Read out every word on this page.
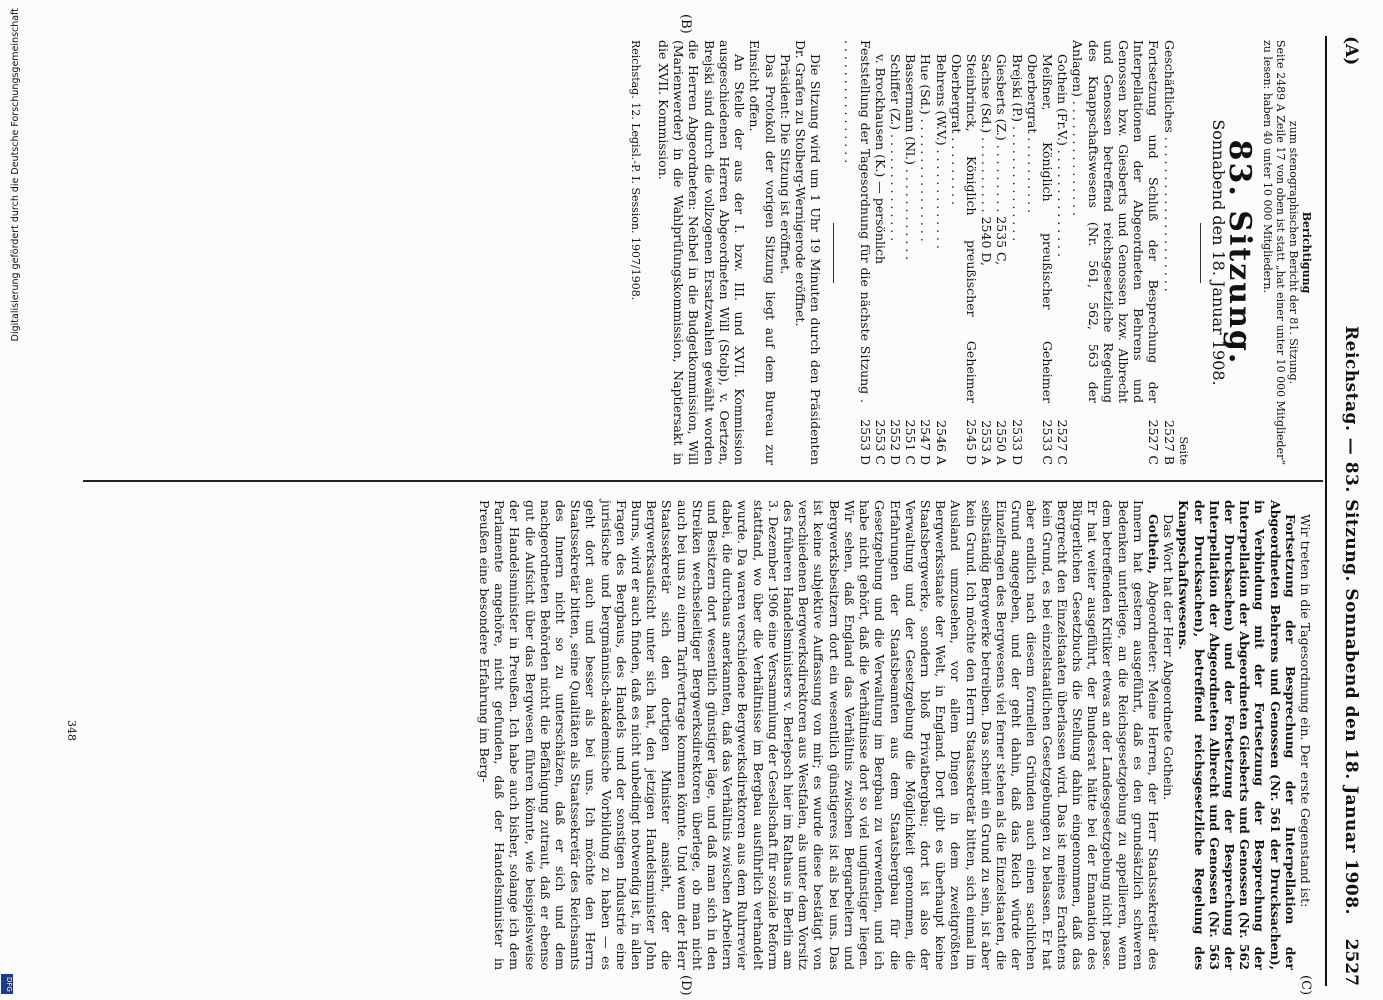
DFG
Digitalisierung gefördert durch die Deutsche Forschungsgemeinschaft	(A)
Reichstag. — 83. Sitzung. Sonnabend den 18. Januar 1908.
2527
Berichtigung
zum stenographischen Bericht der 81. Sitzung.
Seite 2489 A Zeile 17 von oben ist statt „hat einer unter 10 000 Mitglieder“ zu lesen: haben 40 unter 10 000 Mitgliedern.
83. Sitzung.
Sonnabend den 18. Januar 1908.
Seite
Geschäftliches . . . . . . . . . . . . . . . . . . . .
2527 B
Fortsetzung und Schluß der Besprechung der Interpellationen der Abgeordneten Behrens und Genossen bzw. Giesberts und Genossen bzw. Albrecht und Genossen betreffend reichsgesetzliche Regelung des Knappschaftswesens (Nr. 561, 562, 563 der Anlagen) . . . . . . . . . . . . . . .
2527 C
Gothein (Fr.V.) . . . . . . . . . . . . . .
2527 C
Meißner, Königlich preußischer Geheimer Oberbergrat . . . . . . . . . .
2533 C
Brejski (P.) . . . . . . . . . . . . . . .
2533 D
Giesberts (Z.) . . . . . . . . . 2535 C,
2550 A
Sachse (Sd.) . . . . . . . . . . 2540 D,
2553 A
Steinbrinck, Königlich preußischer Geheimer Oberbergrat . . . . . . . . .
2545 D
Behrens (W.V.) . . . . . . . . . . . . .
2546 A
Hue (Sd.) . . . . . . . . . . . . . . . .
2547 D
Bassermann (Nl.) . . . . . . . . . . . .
2551 C
Schiffer (Z.) . . . . . . . . . . . . . .
2552 D
v. Brockhausen (K.) — persönlich
2553 C
Feststellung der Tagesordnung für die nächste Sitzung . . . . . . . . . . . . . . . . .
2553 D

Die Sitzung wird um 1 Uhr 19 Minuten durch den Präsidenten Dr. Grafen zu Stolberg-Wernigerode eröffnet.

Präsident: Die Sitzung ist eröffnet.

Das Protokoll der vorigen Sitzung liegt auf dem Bureau zur Einsicht offen.

An Stelle der aus der I. bzw. III. und XVII. Kommission ausgeschiedenen Herren Abgeordneten Will (Stolp), v. Oertzen, Brejski sind durch die vollzogenen Ersatzwahlen gewählt worden die Herren Abgeordneten: Nehbel in die Budgetkommission, Will (Marienwerder) in die Wahlprüfungskommission, Naptiersakt in die XVII. Kommission.

Reichstag. 12. Legisl.-P. I. Session. 1907/1908.
(B)

Wir treten in die Tagesordnung ein. Der erste Gegenstand ist:

Fortsetzung der Besprechung der Interpellation der Abgeordneten Behrens und Genossen (Nr. 561 der Drucksachen), in Verbindung mit der Fortsetzung der Besprechung der Interpellation der Abgeordneten Giesberts und Genossen (Nr. 562 der Drucksachen) und der Fortsetzung der Besprechung der Interpellation der Abgeordneten Albrecht und Genossen (Nr. 563 der Drucksachen), betreffend reichsgesetzliche Regelung des Knappschaftswesens.

Das Wort hat der Herr Abgeordnete Gothein.

Gothein, Abgeordneter: Meine Herren, der Herr Staatssekretär des Innern hat gestern ausgeführt, daß es den grundsätzlich schweren Bedenken unterliege, an die Reichsgesetzgebung zu appellieren, wenn dem betreffenden Kritiker etwas an der Landesgesetzgebung nicht passe. Er hat weiter ausgeführt, der Bundesrat hätte bei der Emanation des Bürgerlichen Gesetzbuchs die Stellung dahin eingenommen, daß das Bergrecht den Einzelstaaten überlassen wird. Das ist meines Erachtens kein Grund, es bei einzelstaatlichen Gesetzgebungen zu belassen. Er hat aber endlich nach diesem formellen Gründen auch einen sachlichen Grund angegeben, und der geht dahin, daß das Reich würde der Einzelfragen des Bergwesens viel ferner stehen als die Einzelstaaten, die selbständig Bergwerke betreiben. Das scheint ein Grund zu sein, ist aber kein Grund. Ich möchte den Herrn Staatssekretär bitten, sich einmal im Ausland umzusehen, vor allem Dingen in dem zweitgrößten Bergwerksstaate der Welt, in England. Dort gibt es überhaupt keine Staatsbergwerke, sondern bloß Privatbergbau; dort ist also der Verwaltung und der Gesetzgebung die Möglichkeit genommen, die Erfahrungen der Staatsbeamten aus dem Staatsbergbau für die Gesetzgebung und die Verwaltung im Bergbau zu verwenden, und ich habe nicht gehört, daß die Verhältnisse dort so viel ungünstiger liegen. Wir sehen, daß England das Verhältnis zwischen Bergarbeitern und Bergwerksbesitzern dort ein wesentlich günstigeres ist als bei uns. Das ist keine subjektive Auffassung von mir; es wurde diese bestätigt von verschiedenen Bergwerksdirektoren aus Westfalen, als unter dem Vorsitz des früheren Handelsministers v. Berlepsch hier im Rathaus in Berlin am 3. Dezember 1906 eine Versammlung der Gesellschaft für soziale Reform stattfand, wo über die Verhältnisse im Bergbau ausführlich verhandelt wurde. Da waren verschiedene Bergwerksdirektoren aus dem Ruhrrevier dabei, die durchaus anerkannten, daß das Verhältnis zwischen Arbeitern und Besitzern dort wesentlich günstiger läge, und daß man sich in den Streiken wechselseitiger Bergwerksdirektoren überlege, ob man nicht auch bei uns zu einem Tarifvertrage kommen könnte. Und wenn der Herr Staatssekretär sich den dortigen Minister ansieht, der die Bergwerksaufsicht unter sich hat, den jetzigen Handelsminister John Burns, wird er auch finden, daß es nicht unbedingt notwendig ist, in allen Fragen des Bergbaus, des Handels und der sonstigen Industrie eine juristische und bergmännisch-akademische Vorbildung zu haben — es geht dort auch und besser als bei uns. Ich möchte den Herrn Staatssekretär bitten, seine Qualitäten als Staatssekretär des Reichsamts des Innern nicht so zu unterschätzen, daß er sich und dem nachgeordneten Behörden nicht die Befähigung zutraut, daß er ebenso gut die Aufsicht über das Bergwesen führen könnte, wie beispielsweise der Handelsminister in Preußen. Ich habe auch bisher, solange ich dem Parlamente angehöre, nicht gefunden, daß der Handelsminister in Preußen eine besondere Erfahrung im Berg-

(C)
(D)
348
